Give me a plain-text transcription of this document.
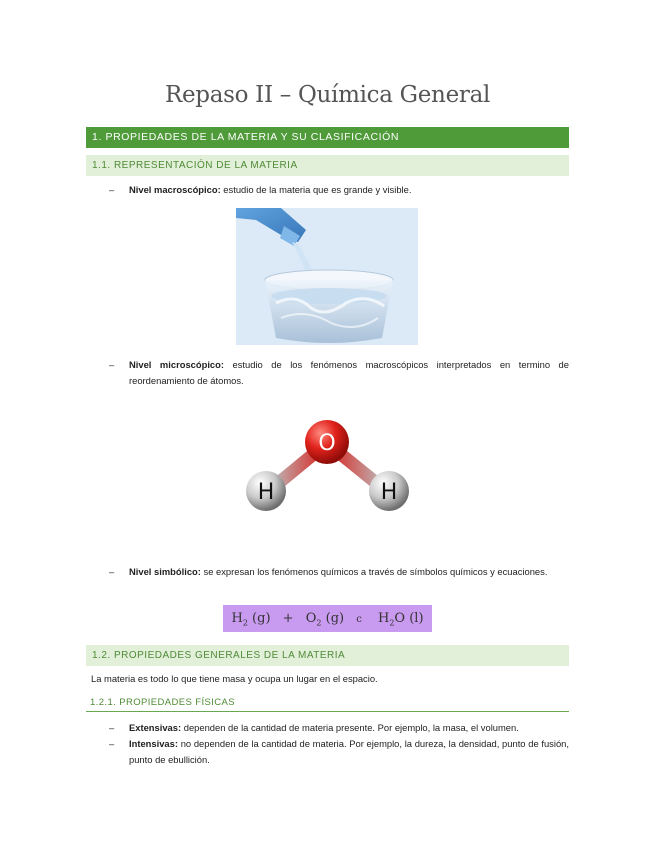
Repaso II – Química General
1. PROPIEDADES DE LA MATERIA Y SU CLASIFICACIÓN
1.1. REPRESENTACIÓN DE LA MATERIA
– Nivel macroscópico: estudio de la materia que es grande y visible.
– Nivel microscópico: estudio de los fenómenos macroscópicos interpretados en termino de reordenamiento de átomos.
O
H	H
– Nivel simbólico: se expresan los fenómenos químicos a través de símbolos químicos y ecuaciones.
$H_2$ $(g) + O_2$ (g) c $H_2O$ (l)
1.2. PROPIEDADES GENERALES DE LA MATERIA
La materia es todo lo que tiene masa y ocupa un lugar en el espacio.
1.2.1. PROPIEDADES FÍSICAS
– Extensivas: dependen de la cantidad de materia presente. Por ejemplo, la masa, el volumen.
– Intensivas: no dependen de la cantidad de materia. Por ejemplo, la dureza, la densidad, punto de fusión, punto de ebullición.
